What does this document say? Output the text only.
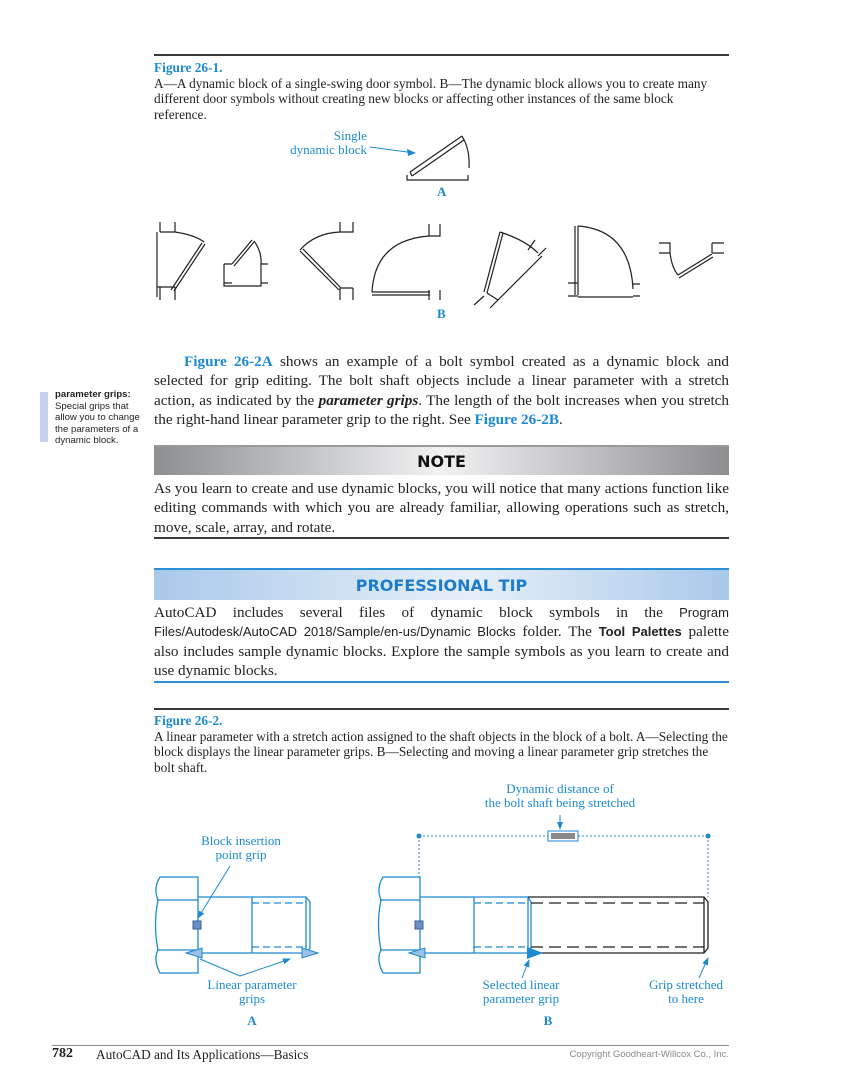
Figure 26-1.
A—A dynamic block of a single-swing door symbol. B—The dynamic block allows you to create many different door symbols without creating new blocks or affecting other instances of the same block reference.
Single
dynamic block
A
B
Figure 26-2A shows an example of a bolt symbol created as a dynamic block and selected for grip editing. The bolt shaft objects include a linear parameter with a stretch action, as indicated by the parameter grips. The length of the bolt increases when you stretch the right-hand linear parameter grip to the right. See Figure 26-2B.
parameter grips:
Special grips that allow you to change the parameters of a dynamic block.
NOTE
As you learn to create and use dynamic blocks, you will notice that many actions function like editing commands with which you are already familiar, allowing operations such as stretch, move, scale, array, and rotate.
PROFESSIONAL TIP
AutoCAD includes several files of dynamic block symbols in the Program Files/Autodesk/AutoCAD 2018/Sample/en-us/Dynamic Blocks folder. The Tool Palettes palette also includes sample dynamic blocks. Explore the sample symbols as you learn to create and use dynamic blocks.
Figure 26-2.
A linear parameter with a stretch action assigned to the shaft objects in the block of a bolt. A—Selecting the block displays the linear parameter grips. B—Selecting and moving a linear parameter grip stretches the bolt shaft.
Block insertion
point grip
Linear parameter
grips
A
Dynamic distance of
the bolt shaft being stretched
Selected linear
parameter grip
Grip stretched
to here
B
782 AutoCAD and Its Applications—Basics	Copyright Goodheart-Willcox Co., Inc.
